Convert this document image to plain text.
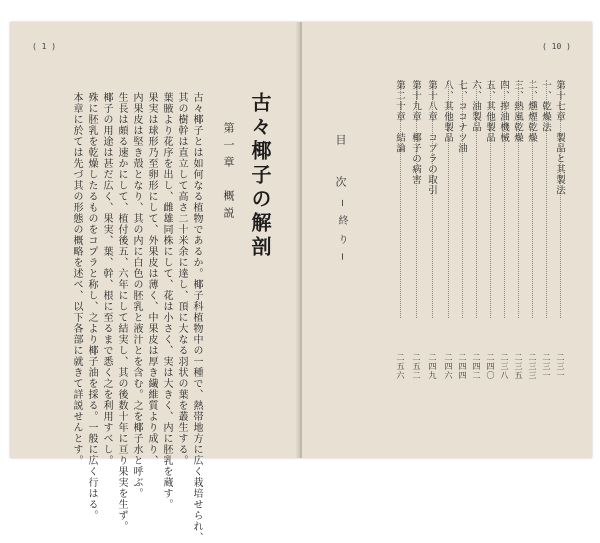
( 1 )
古々椰子の解剖
第一章　概説
古々椰子とは如何なる植物であるか。椰子科植物中の一種で、熱帯地方に広く栽培せられ、
其の樹幹は直立して高さ二十米余に達し、頂に大なる羽状の葉を叢生する。
葉腋より花序を出し、雌雄同株にして、花は小さく、実は大きく、内に胚乳を蔵す。
果実は球形乃至卵形にして、外果皮は薄く、中果皮は厚き繊維質より成り、
内果皮は堅き殻となり、其の内に白色の胚乳と液汁とを含む。之を椰子水と呼ぶ。
生長は頗る速かにして、植付後五、六年にして結実し、其の後数十年に亘り果実を生ず。
椰子の用途は甚だ広く、果実、葉、幹、根に至るまで悉く之を利用すべし。
殊に胚乳を乾燥したるものをコプラと称し、之より椰子油を採る。一般に広く行はる。
本章に於ては先づ其の形態の概略を述べ、以下各部に就きて詳説せんとす。
( 10 )
第十七章　製品と其製法
二三一
一、乾燥法
二三一
二、燻煙乾燥
二三三
三、熱風乾燥
二三五
四、搾油機械
二三八
五、其他製品
二四〇
六、油製品
二四二
七、ココナツ油
二四四
八、其他製品
二四六
第十八章　コプラの取引
二四九
第十九章　椰子の病害
二五二
第二十章　結論
二五六
目　次
─ 終 り ─
